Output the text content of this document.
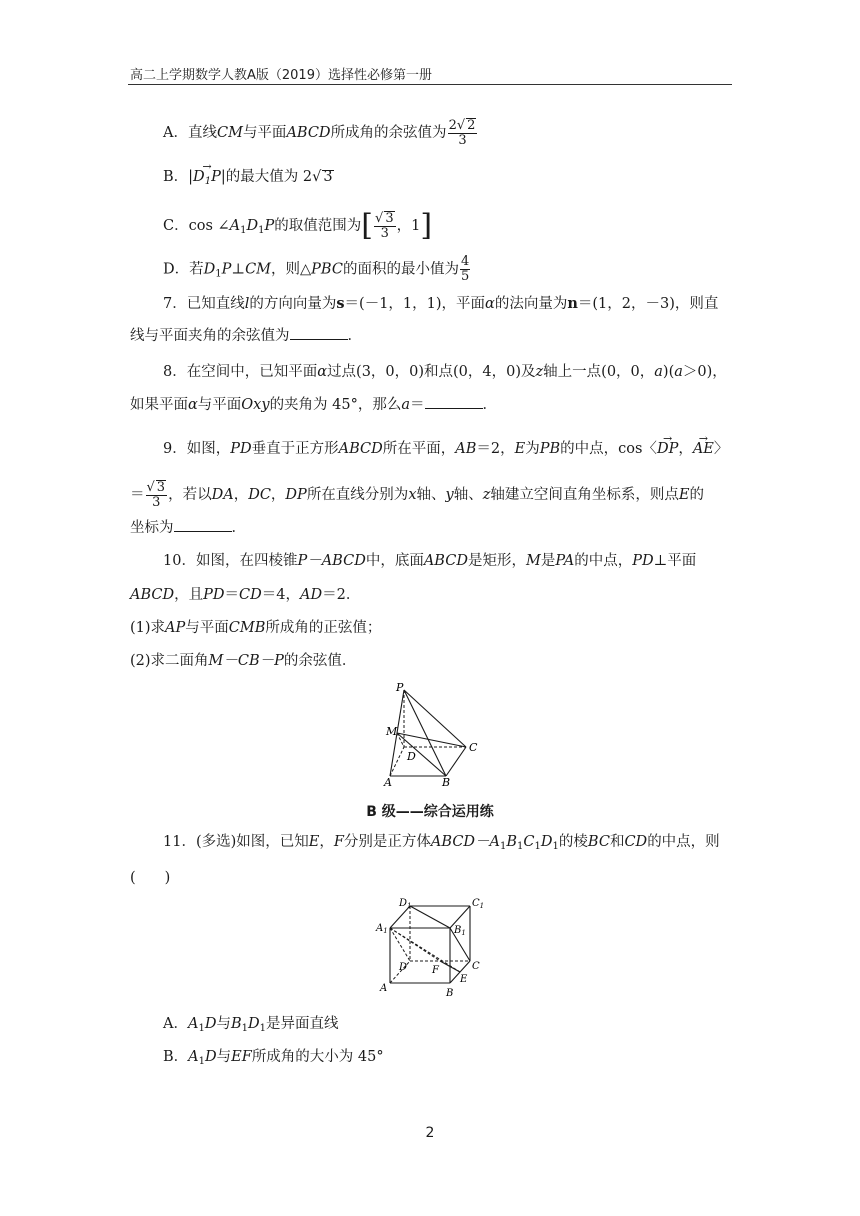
高二上学期数学人教A版（2019）选择性必修第一册
A．直线CM与平面ABCD所成角的余弦值为 $\frac{2√ 2}{3}$
B．|→ $D_1P|$的最大值为 2√ 3
C．$\cos \angle A_1D_1P$的取值范围为[ $\frac{√ 3}{3}$ ，1]
D．若$D_1P\perp CM$，则△PBC的面积的最小值为 $\frac{4}{5}$
7．已知直线l的方向向量为s＝(－1，1，1)，平面α的法向量为n＝(1，2，－3)，则直
线与平面夹角的余弦值为	．
8．在空间中，已知平面α过点(3，0，0)和点(0，4，0)及z轴上一点(0，0，a)(a＞0)，
如果平面α与平面Oxy的夹角为 45°，那么a＝	．
9．如图，PD垂直于正方形ABCD所在平面，AB＝2，E为PB的中点，cos〈→ DP，→ AE〉
＝ $\frac{√ 3}{3}$ ，若以DA，DC，DP所在直线分别为x轴、y轴、z轴建立空间直角坐标系，则点E的
坐标为	．
10．如图，在四棱锥P－ABCD中，底面ABCD是矩形，M是PA的中点，PD⊥平面
ABCD，且PD＝CD＝4，AD＝2．
(1)求AP与平面CMB所成角的正弦值；
(2)求二面角M－CB－P的余弦值．
P
M
D
C
A	B
B 级——综合运用练
11．(多选)如图，已知E，F分别是正方体$ABCD-A_1B_1C_1D_1$的棱BC和CD的中点，则
(　　)
$D_1$	$C_1$
$A_1$	$B_1$
D	C
F
E
A	B
A．$A_1D$与$B_1D_1$是异面直线
B．$A_1D$与EF所成角的大小为 45°
2
